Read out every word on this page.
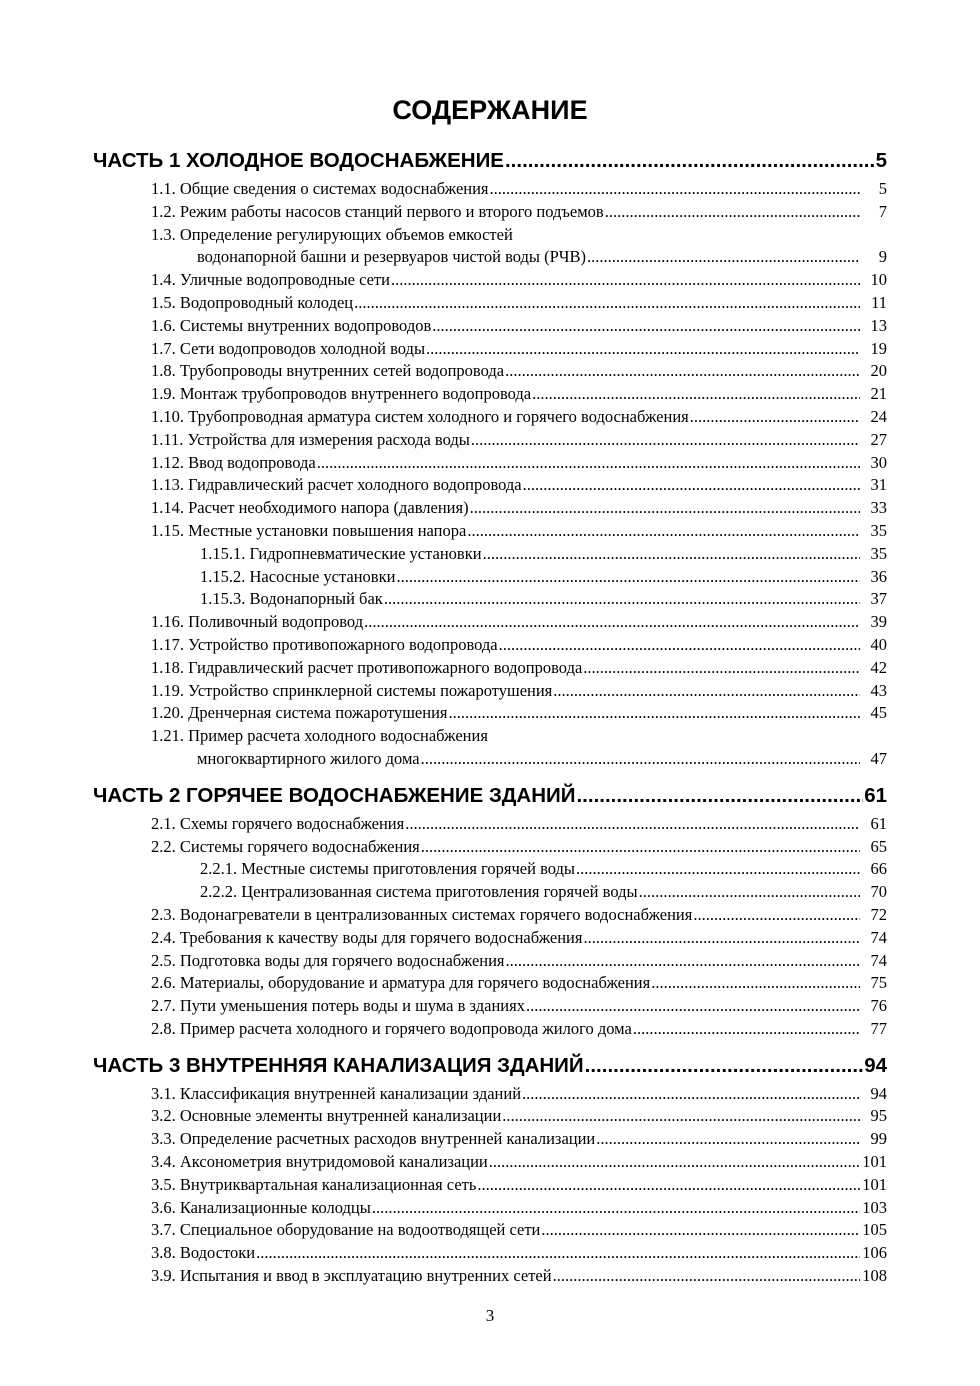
СОДЕРЖАНИЕ
ЧАСТЬ 1 ХОЛОДНОЕ ВОДОСНАБЖЕНИЕ .....	5
1.1. Общие сведения о системах водоснабжения .....	5
1.2. Режим работы насосов станций первого и второго подъемов .....	7
1.3. Определение регулирующих объемов емкостей
водонапорной башни и резервуаров чистой воды (РЧВ) .....	9
1.4. Уличные водопроводные сети .....	10
1.5. Водопроводный колодец .....	11
1.6. Системы внутренних водопроводов .....	13
1.7. Сети водопроводов холодной воды .....	19
1.8. Трубопроводы внутренних сетей водопровода .....	20
1.9. Монтаж трубопроводов внутреннего водопровода .....	21
1.10. Трубопроводная арматура систем холодного и горячего водоснабжения .....	24
1.11. Устройства для измерения расхода воды .....	27
1.12. Ввод водопровода .....	30
1.13. Гидравлический расчет холодного водопровода .....	31
1.14. Расчет необходимого напора (давления) .....	33
1.15. Местные установки повышения напора .....	35
1.15.1. Гидропневматические установки .....	35
1.15.2. Насосные установки .....	36
1.15.3. Водонапорный бак .....	37
1.16. Поливочный водопровод .....	39
1.17. Устройство противопожарного водопровода .....	40
1.18. Гидравлический расчет противопожарного водопровода .....	42
1.19. Устройство спринклерной системы пожаротушения .....	43
1.20. Дренчерная система пожаротушения .....	45
1.21. Пример расчета холодного водоснабжения
многоквартирного жилого дома .....	47
ЧАСТЬ 2 ГОРЯЧЕЕ ВОДОСНАБЖЕНИЕ ЗДАНИЙ .....	61
2.1. Схемы горячего водоснабжения .....	61
2.2. Системы горячего водоснабжения .....	65
2.2.1. Местные системы приготовления горячей воды .....	66
2.2.2. Централизованная система приготовления горячей воды .....	70
2.3. Водонагреватели в централизованных системах горячего водоснабжения .....	72
2.4. Требования к качеству воды для горячего водоснабжения .....	74
2.5. Подготовка воды для горячего водоснабжения .....	74
2.6. Материалы, оборудование и арматура для горячего водоснабжения .....	75
2.7. Пути уменьшения потерь воды и шума в зданиях .....	76
2.8. Пример расчета холодного и горячего водопровода жилого дома .....	77
ЧАСТЬ 3 ВНУТРЕННЯЯ КАНАЛИЗАЦИЯ ЗДАНИЙ .....	94
3.1. Классификация внутренней канализации зданий .....	94
3.2. Основные элементы внутренней канализации .....	95
3.3. Определение расчетных расходов внутренней канализации .....	99
3.4. Аксонометрия внутридомовой канализации .....	101
3.5. Внутриквартальная канализационная сеть .....	101
3.6. Канализационные колодцы .....	103
3.7. Специальное оборудование на водоотводящей сети .....	105
3.8. Водостоки .....	106
3.9. Испытания и ввод в эксплуатацию внутренних сетей .....	108
3
